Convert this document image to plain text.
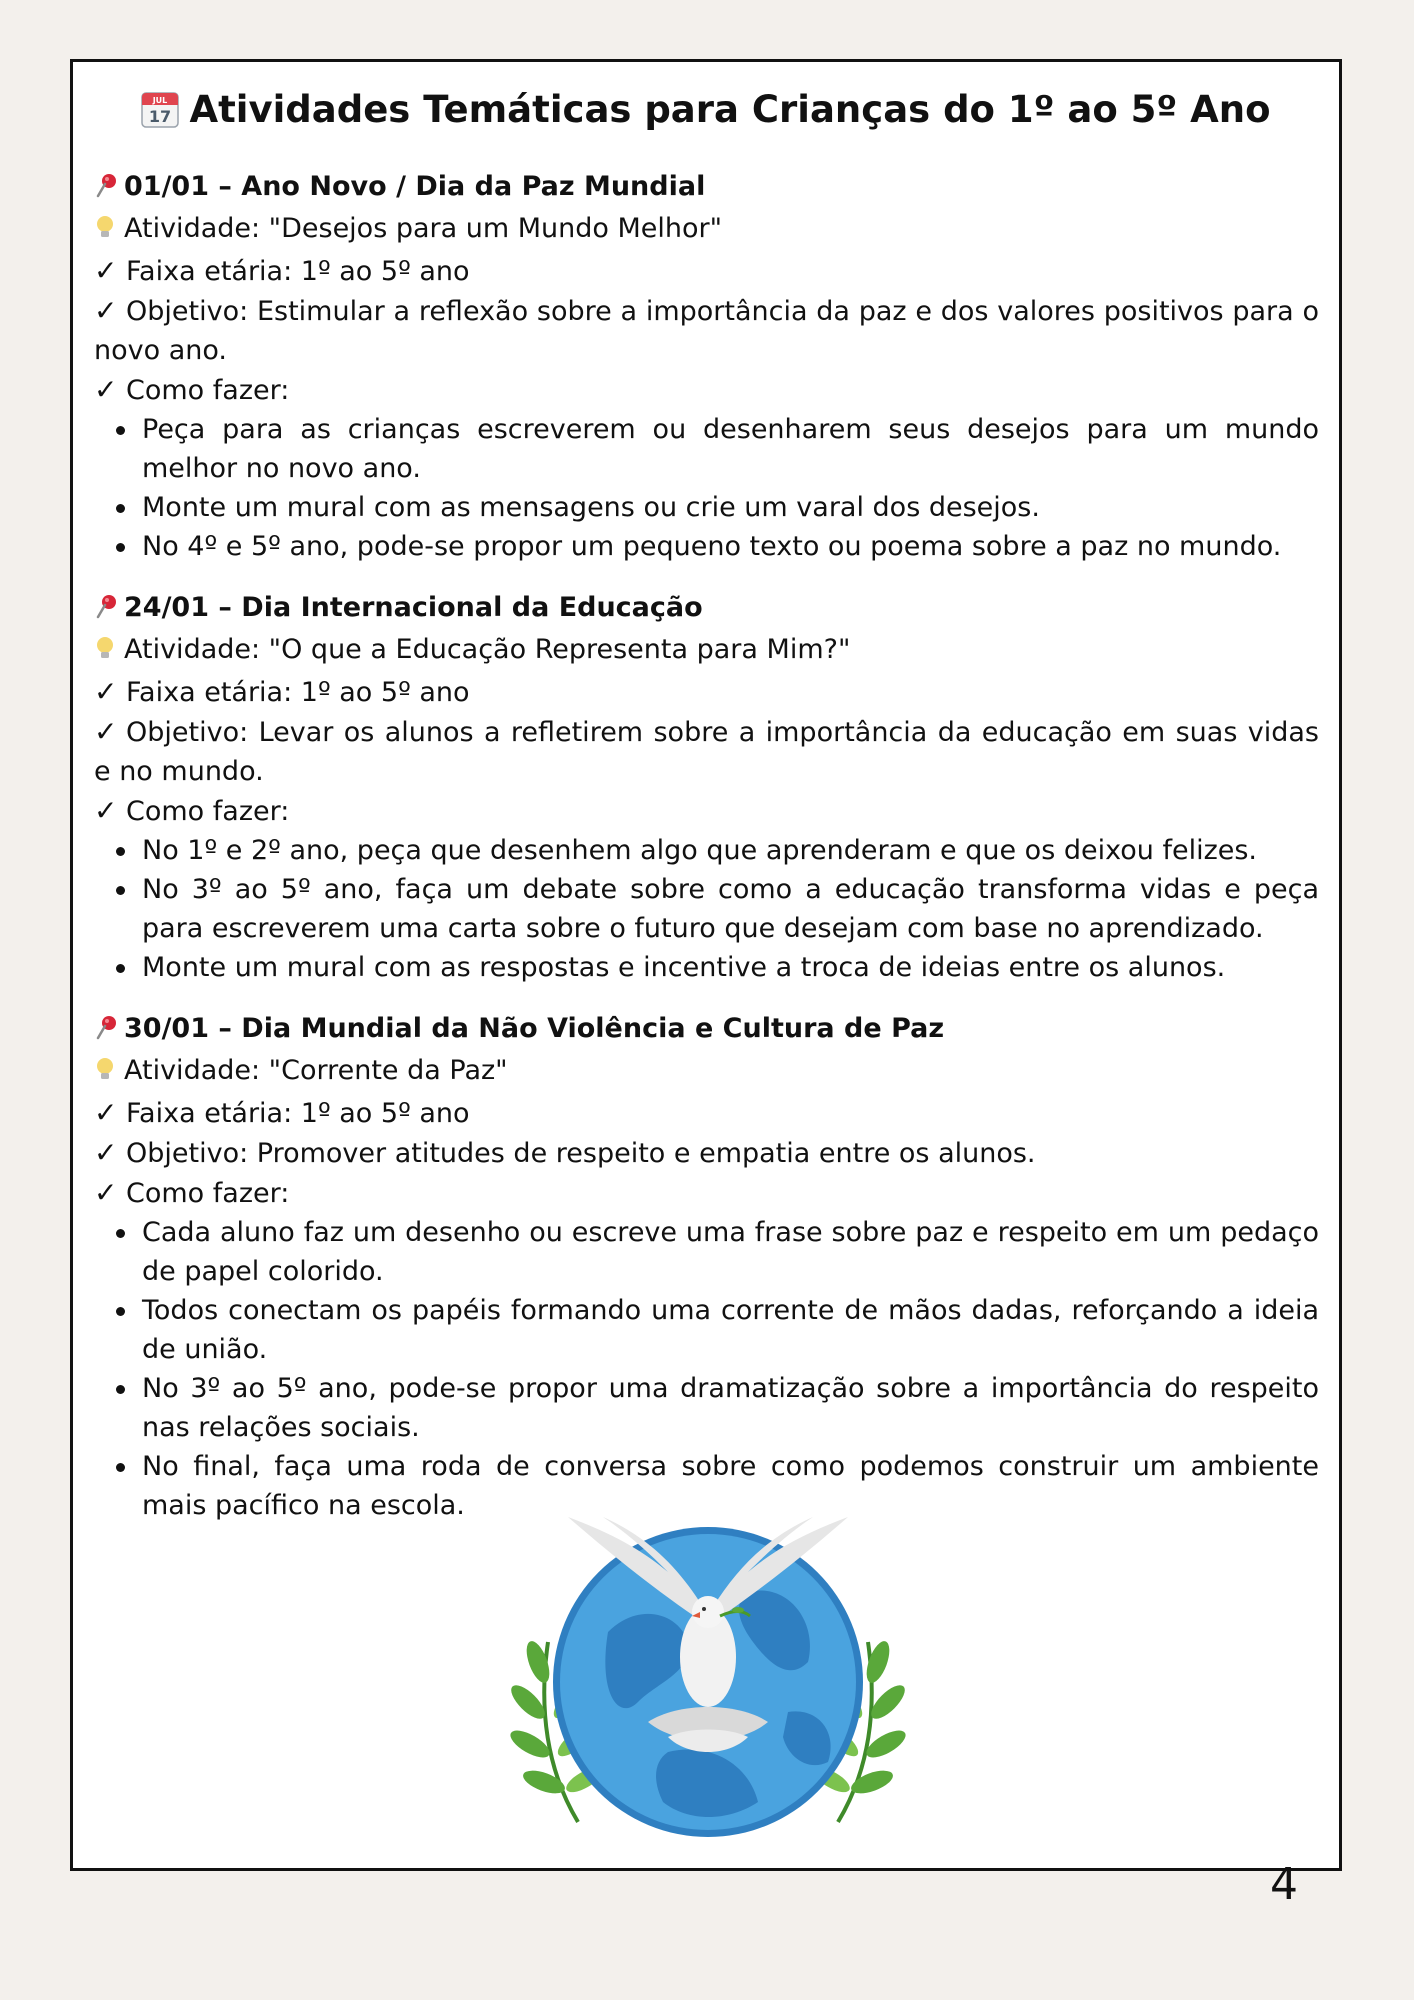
JUL
17 Atividades Temáticas para Crianças do 1º ao 5º Ano
01/01 – Ano Novo / Dia da Paz Mundial
Atividade: "Desejos para um Mundo Melhor"
✓ Faixa etária: 1º ao 5º ano
✓ Objetivo: Estimular a reflexão sobre a importância da paz e dos valores positivos para o novo ano.
✓ Como fazer:
Peça para as crianças escreverem ou desenharem seus desejos para um mundo melhor no novo ano.
Monte um mural com as mensagens ou crie um varal dos desejos.
No 4º e 5º ano, pode-se propor um pequeno texto ou poema sobre a paz no mundo.
24/01 – Dia Internacional da Educação
Atividade: "O que a Educação Representa para Mim?"
✓ Faixa etária: 1º ao 5º ano
✓ Objetivo: Levar os alunos a refletirem sobre a importância da educação em suas vidas e no mundo.
✓ Como fazer:
No 1º e 2º ano, peça que desenhem algo que aprenderam e que os deixou felizes.
No 3º ao 5º ano, faça um debate sobre como a educação transforma vidas e peça para escreverem uma carta sobre o futuro que desejam com base no aprendizado.
Monte um mural com as respostas e incentive a troca de ideias entre os alunos.
30/01 – Dia Mundial da Não Violência e Cultura de Paz
Atividade: "Corrente da Paz"
✓ Faixa etária: 1º ao 5º ano
✓ Objetivo: Promover atitudes de respeito e empatia entre os alunos.
✓ Como fazer:
Cada aluno faz um desenho ou escreve uma frase sobre paz e respeito em um pedaço de papel colorido.
Todos conectam os papéis formando uma corrente de mãos dadas, reforçando a ideia de união.
No 3º ao 5º ano, pode-se propor uma dramatização sobre a importância do respeito nas relações sociais.
No final, faça uma roda de conversa sobre como podemos construir um ambiente mais pacífico na escola.
4
